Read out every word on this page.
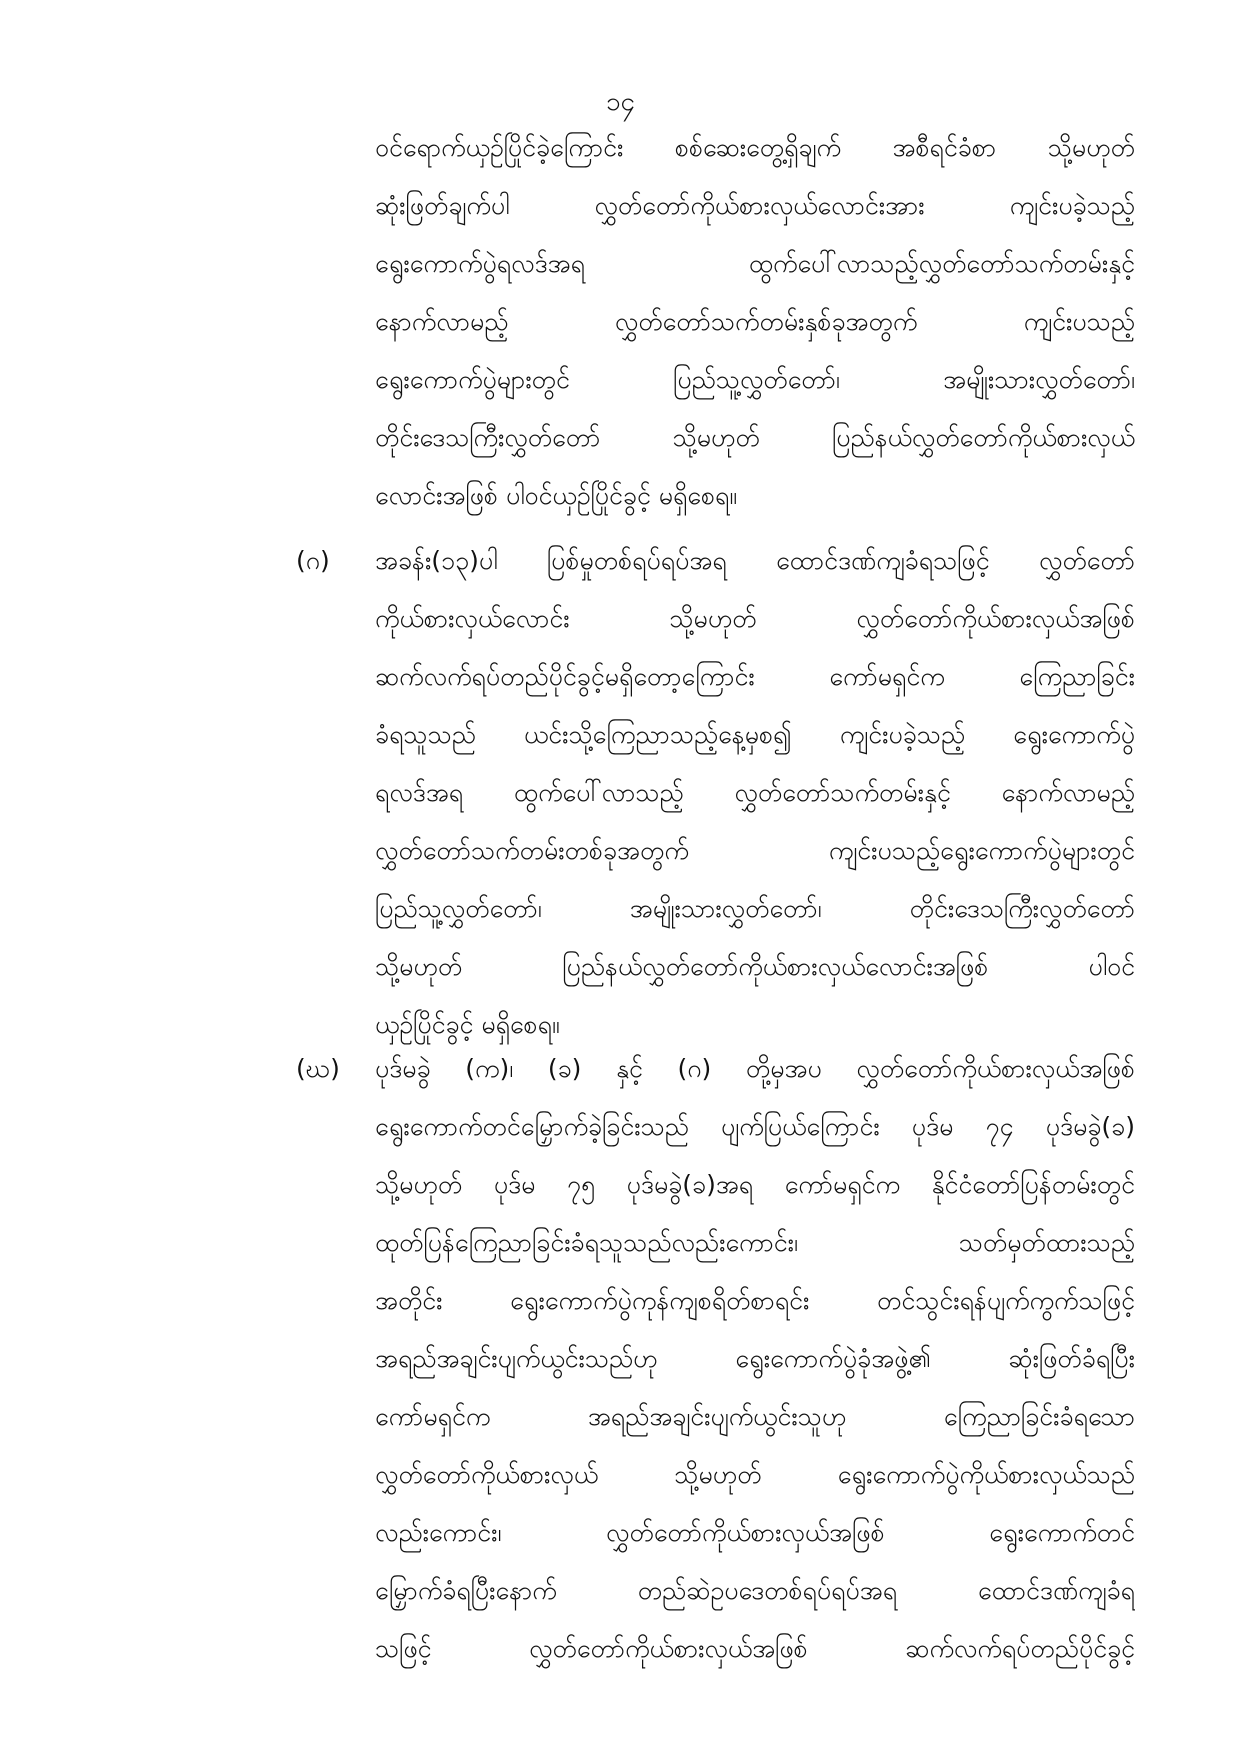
၁၄
ဝင်ရောက်ယှဉ်ပြိုင်ခဲ့ကြောင်း စစ်ဆေးတွေ့ရှိချက် အစီရင်ခံစာ သို့မဟုတ်
ဆုံးဖြတ်ချက်ပါ လွှတ်တော်ကိုယ်စားလှယ်လောင်းအား ကျင်းပခဲ့သည့်
ရွေးကောက်ပွဲရလဒ်အရ ထွက်ပေါ်လာသည့်လွှတ်တော်သက်တမ်းနှင့်
နောက်လာမည့် လွှတ်တော်သက်တမ်းနှစ်ခုအတွက် ကျင်းပသည့်
ရွေးကောက်ပွဲများတွင် ပြည်သူ့လွှတ်တော်၊ အမျိုးသားလွှတ်တော်၊
တိုင်းဒေသကြီးလွှတ်တော် သို့မဟုတ် ပြည်နယ်လွှတ်တော်ကိုယ်စားလှယ်
လောင်းအဖြစ် ပါဝင်ယှဉ်ပြိုင်ခွင့် မရှိစေရ။
(ဂ) အခန်း(၁၃)ပါ ပြစ်မှုတစ်ရပ်ရပ်အရ ထောင်ဒဏ်ကျခံရသဖြင့် လွှတ်တော်
ကိုယ်စားလှယ်လောင်း သို့မဟုတ် လွှတ်တော်ကိုယ်စားလှယ်အဖြစ်
ဆက်လက်ရပ်တည်ပိုင်ခွင့်မရှိတော့ကြောင်း ကော်မရှင်က ကြေညာခြင်း
ခံရသူသည် ယင်းသို့ကြေညာသည့်နေ့မှစ၍ ကျင်းပခဲ့သည့် ရွေးကောက်ပွဲ
ရလဒ်အရ ထွက်ပေါ်လာသည့် လွှတ်တော်သက်တမ်းနှင့် နောက်လာမည့်
လွှတ်တော်သက်တမ်းတစ်ခုအတွက် ကျင်းပသည့်ရွေးကောက်ပွဲများတွင်
ပြည်သူ့လွှတ်တော်၊ အမျိုးသားလွှတ်တော်၊ တိုင်းဒေသကြီးလွှတ်တော်
သို့မဟုတ် ပြည်နယ်လွှတ်တော်ကိုယ်စားလှယ်လောင်းအဖြစ် ပါဝင်
ယှဉ်ပြိုင်ခွင့် မရှိစေရ။
(ဃ) ပုဒ်မခွဲ (က)၊ (ခ) နှင့် (ဂ) တို့မှအပ လွှတ်တော်ကိုယ်စားလှယ်အဖြစ်
ရွေးကောက်တင်မြှောက်ခဲ့ခြင်းသည် ပျက်ပြယ်ကြောင်း ပုဒ်မ ၇၄ ပုဒ်မခွဲ(ခ)
သို့မဟုတ် ပုဒ်မ ၇၅ ပုဒ်မခွဲ(ခ)အရ ကော်မရှင်က နိုင်ငံတော်ပြန်တမ်းတွင်
ထုတ်ပြန်ကြေညာခြင်းခံရသူသည်လည်းကောင်း၊ သတ်မှတ်ထားသည့်
အတိုင်း ရွေးကောက်ပွဲကုန်ကျစရိတ်စာရင်း တင်သွင်းရန်ပျက်ကွက်သဖြင့်
အရည်အချင်းပျက်ယွင်းသည်ဟု ရွေးကောက်ပွဲခုံအဖွဲ့၏ ဆုံးဖြတ်ခံရပြီး
ကော်မရှင်က အရည်အချင်းပျက်ယွင်းသူဟု ကြေညာခြင်းခံရသော
လွှတ်တော်ကိုယ်စားလှယ် သို့မဟုတ် ရွေးကောက်ပွဲကိုယ်စားလှယ်သည်
လည်းကောင်း၊ လွှတ်တော်ကိုယ်စားလှယ်အဖြစ် ရွေးကောက်တင်
မြှောက်ခံရပြီးနောက် တည်ဆဲဥပဒေတစ်ရပ်ရပ်အရ ထောင်ဒဏ်ကျခံရ
သဖြင့် လွှတ်တော်ကိုယ်စားလှယ်အဖြစ် ဆက်လက်ရပ်တည်ပိုင်ခွင့်
